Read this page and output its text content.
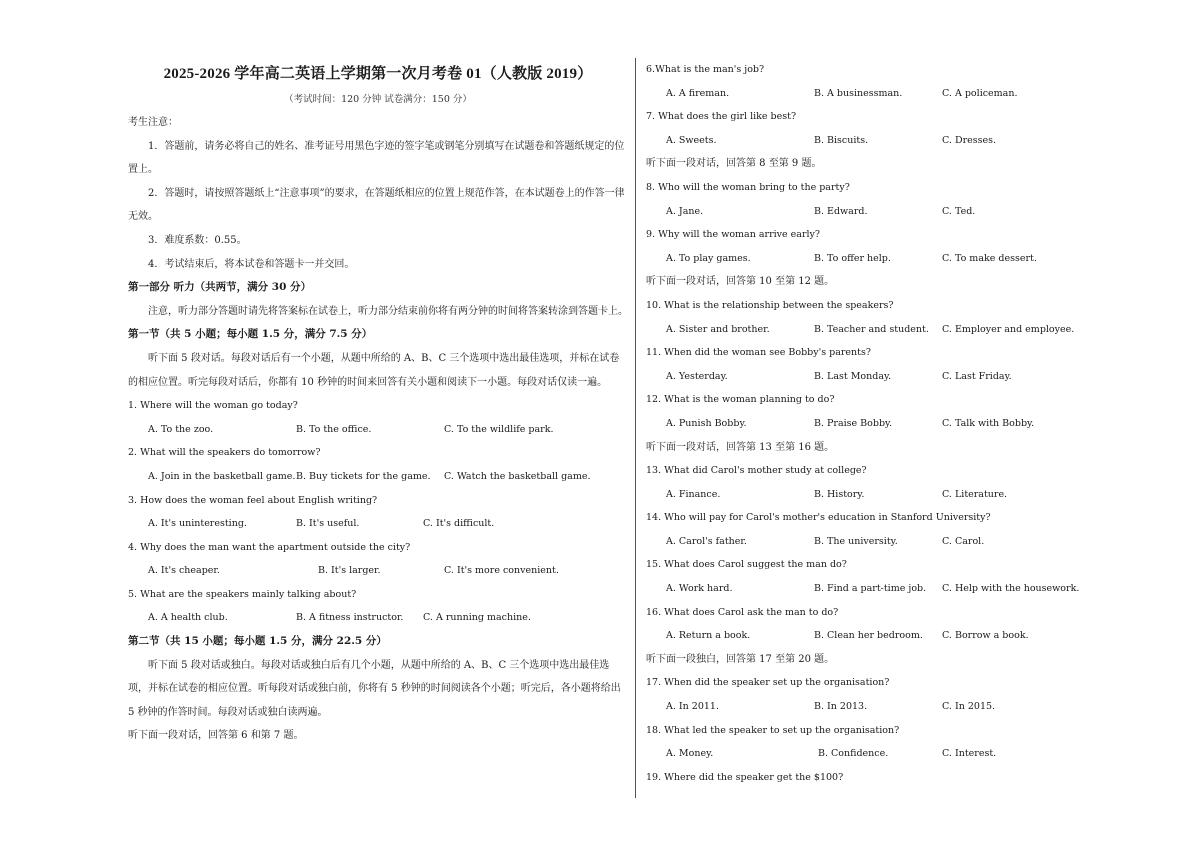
2025-2026 学年高二英语上学期第一次月考卷 01（人教版 2019）
（考试时间：120 分钟 试卷满分：150 分）
考生注意：
1．答题前，请务必将自己的姓名、准考证号用黑色字迹的签字笔或钢笔分别填写在试题卷和答题纸规定的位置上。
2．答题时，请按照答题纸上“注意事项”的要求，在答题纸相应的位置上规范作答，在本试题卷上的作答一律无效。
3．难度系数：0.55。
4．考试结束后，将本试卷和答题卡一并交回。
第一部分 听力（共两节，满分 30 分）
注意，听力部分答题时请先将答案标在试卷上，听力部分结束前你将有两分钟的时间将答案转涂到答题卡上。
第一节（共 5 小题；每小题 1.5 分，满分 7.5 分）
听下面 5 段对话。每段对话后有一个小题，从题中所给的 A、B、C 三个选项中选出最佳选项，并标在试卷的相应位置。听完每段对话后，你都有 10 秒钟的时间来回答有关小题和阅读下一小题。每段对话仅读一遍。
1. Where will the woman go today?
A. To the zoo.	B. To the office.	C. To the wildlife park.
2. What will the speakers do tomorrow?
A. Join in the basketball game. B. Buy tickets for the game. C. Watch the basketball game.
3. How does the woman feel about English writing?
A. It's uninteresting.	B. It's useful.	C. It's difficult.
4. Why does the man want the apartment outside the city?
A. It's cheaper.	B. It's larger.	C. It's more convenient.
5. What are the speakers mainly talking about?
A. A health club.	B. A fitness instructor. C. A running machine.
第二节（共 15 小题；每小题 1.5 分，满分 22.5 分）
听下面 5 段对话或独白。每段对话或独白后有几个小题，从题中所给的 A、B、C 三个选项中选出最佳选项，并标在试卷的相应位置。听每段对话或独白前，你将有 5 秒钟的时间阅读各个小题；听完后，各小题将给出 5 秒钟的作答时间。每段对话或独白读两遍。
听下面一段对话，回答第 6 和第 7 题。
6.What is the man's job?
A. A fireman.	B. A businessman.	C. A policeman.
7. What does the girl like best?
A. Sweets.	B. Biscuits.	C. Dresses.
听下面一段对话，回答第 8 至第 9 题。
8. Who will the woman bring to the party?
A. Jane.	B. Edward.	C. Ted.
9. Why will the woman arrive early?
A. To play games.	B. To offer help.	C. To make dessert.
听下面一段对话，回答第 10 至第 12 题。
10. What is the relationship between the speakers?
A. Sister and brother.	B. Teacher and student. C. Employer and employee.
11. When did the woman see Bobby's parents?
A. Yesterday.	B. Last Monday.	C. Last Friday.
12. What is the woman planning to do?
A. Punish Bobby.	B. Praise Bobby.	C. Talk with Bobby.
听下面一段对话，回答第 13 至第 16 题。
13. What did Carol's mother study at college?
A. Finance.	B. History.	C. Literature.
14. Who will pay for Carol's mother's education in Stanford University?
A. Carol's father.	B. The university.	C. Carol.
15. What does Carol suggest the man do?
A. Work hard.	B. Find a part-time job. C. Help with the housework.
16. What does Carol ask the man to do?
A. Return a book.	B. Clean her bedroom. C. Borrow a book.
听下面一段独白，回答第 17 至第 20 题。
17. When did the speaker set up the organisation?
A. In 2011.	B. In 2013.	C. In 2015.
18. What led the speaker to set up the organisation?
A. Money.	B. Confidence.	C. Interest.
19. Where did the speaker get the $100?
